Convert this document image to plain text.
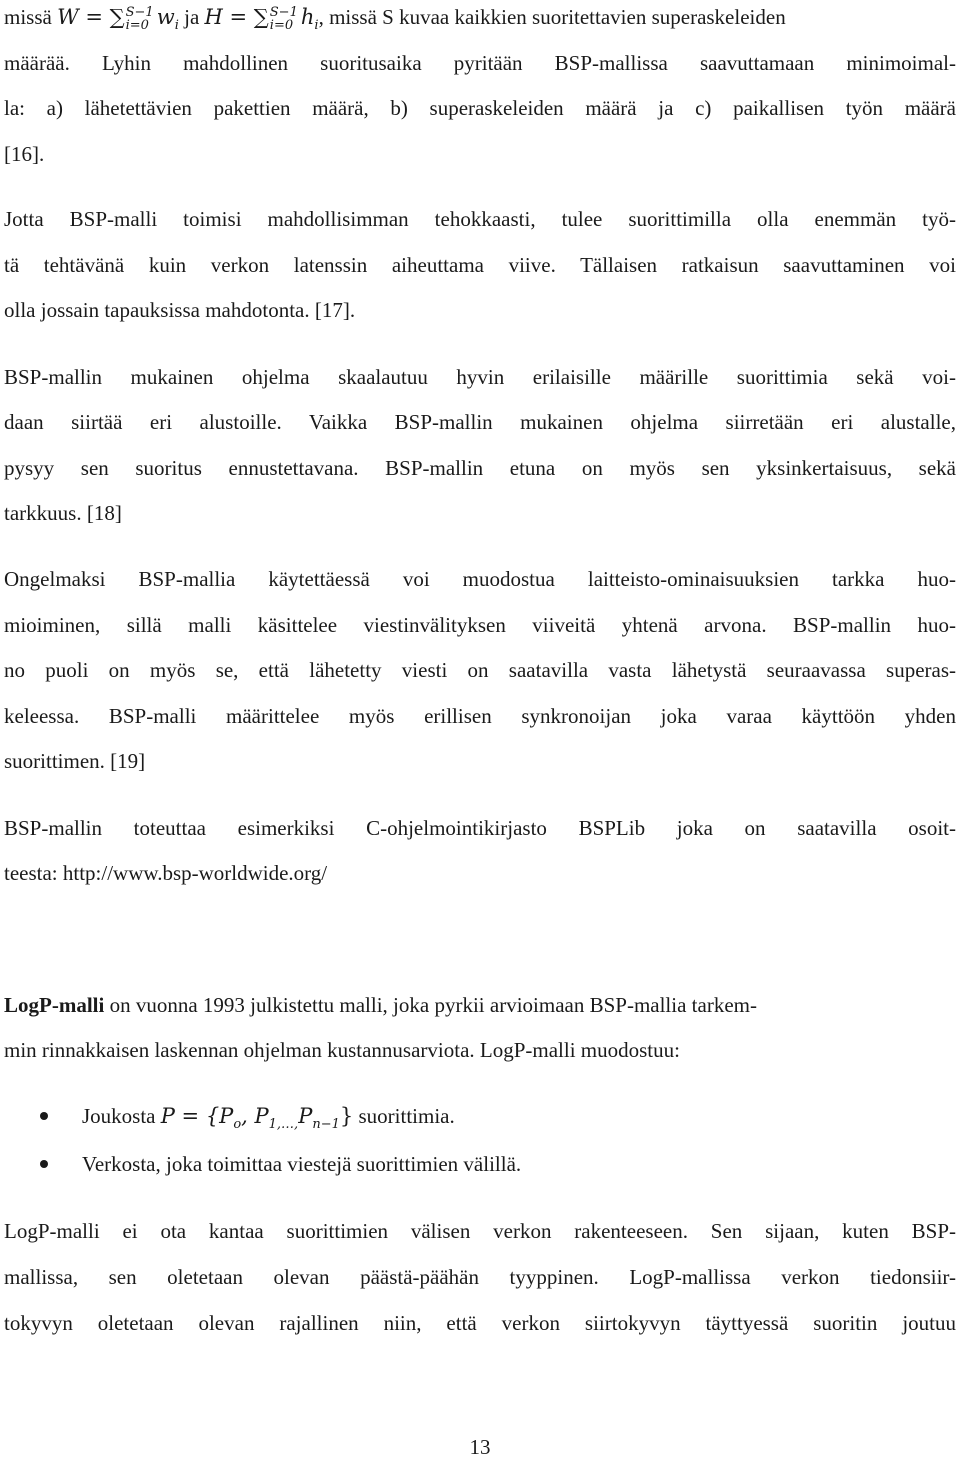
missä W = ∑ S−1
i=0 $w_i$ ja H = ∑ S−1
i=0 $h_i$, missä S kuvaa kaikkien suoritettavien superaskeleiden

määrää. Lyhin mahdollinen suoritusaika pyritään BSP-mallissa saavuttamaan minimoimal-

la: a) lähetettävien pakettien määrä, b) superaskeleiden määrä ja c) paikallisen työn määrä

[16].

Jotta BSP-malli toimisi mahdollisimman tehokkaasti, tulee suorittimilla olla enemmän työ-

tä tehtävänä kuin verkon latenssin aiheuttama viive. Tällaisen ratkaisun saavuttaminen voi

olla jossain tapauksissa mahdotonta. [17].

BSP-mallin mukainen ohjelma skaalautuu hyvin erilaisille määrille suorittimia sekä voi-

daan siirtää eri alustoille. Vaikka BSP-mallin mukainen ohjelma siirretään eri alustalle,

pysyy sen suoritus ennustettavana. BSP-mallin etuna on myös sen yksinkertaisuus, sekä

tarkkuus. [18]

Ongelmaksi BSP-mallia käytettäessä voi muodostua laitteisto-ominaisuuksien tarkka huo-

mioiminen, sillä malli käsittelee viestinvälityksen viiveitä yhtenä arvona. BSP-mallin huo-

no puoli on myös se, että lähetetty viesti on saatavilla vasta lähetystä seuraavassa superas-

keleessa. BSP-malli määrittelee myös erillisen synkronoijan joka varaa käyttöön yhden

suorittimen. [19]

BSP-mallin toteuttaa esimerkiksi C-ohjelmointikirjasto BSPLib joka on saatavilla osoit-

teesta: http://www.bsp-worldwide.org/

LogP-malli on vuonna 1993 julkistettu malli, joka pyrkii arvioimaan BSP-mallia tarkem-

min rinnakkaisen laskennan ohjelman kustannusarviota. LogP-malli muodostuu:

Joukosta $P = \{P_o$, $P_{1,\dots,}P_{n-1}$} suorittimia.
Verkosta, joka toimittaa viestejä suorittimien välillä.

LogP-malli ei ota kantaa suorittimien välisen verkon rakenteeseen. Sen sijaan, kuten BSP-

mallissa, sen oletetaan olevan päästä-päähän tyyppinen. LogP-mallissa verkon tiedonsiir-

tokyvyn oletetaan olevan rajallinen niin, että verkon siirtokyvyn täyttyessä suoritin joutuu

13
